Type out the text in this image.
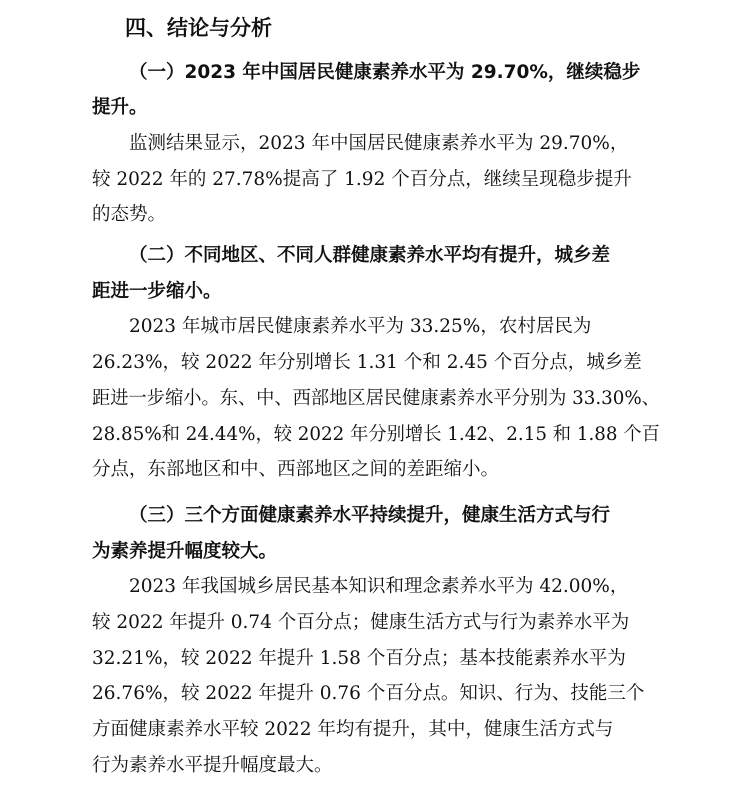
四、结论与分析

（一）2023 年中国居民健康素养水平为 29.70%，继续稳步

提升。

监测结果显示，2023 年中国居民健康素养水平为 29.70%，

较 2022 年的 27.78%提高了 1.92 个百分点，继续呈现稳步提升

的态势。

（二）不同地区、不同人群健康素养水平均有提升，城乡差

距进一步缩小。

2023 年城市居民健康素养水平为 33.25%，农村居民为

26.23%，较 2022 年分别增长 1.31 个和 2.45 个百分点，城乡差

距进一步缩小。东、中、西部地区居民健康素养水平分别为 33.30%、

28.85%和 24.44%，较 2022 年分别增长 1.42、2.15 和 1.88 个百

分点，东部地区和中、西部地区之间的差距缩小。

（三）三个方面健康素养水平持续提升，健康生活方式与行

为素养提升幅度较大。

2023 年我国城乡居民基本知识和理念素养水平为 42.00%，

较 2022 年提升 0.74 个百分点；健康生活方式与行为素养水平为

32.21%，较 2022 年提升 1.58 个百分点；基本技能素养水平为

26.76%，较 2022 年提升 0.76 个百分点。知识、行为、技能三个

方面健康素养水平较 2022 年均有提升，其中，健康生活方式与

行为素养水平提升幅度最大。
